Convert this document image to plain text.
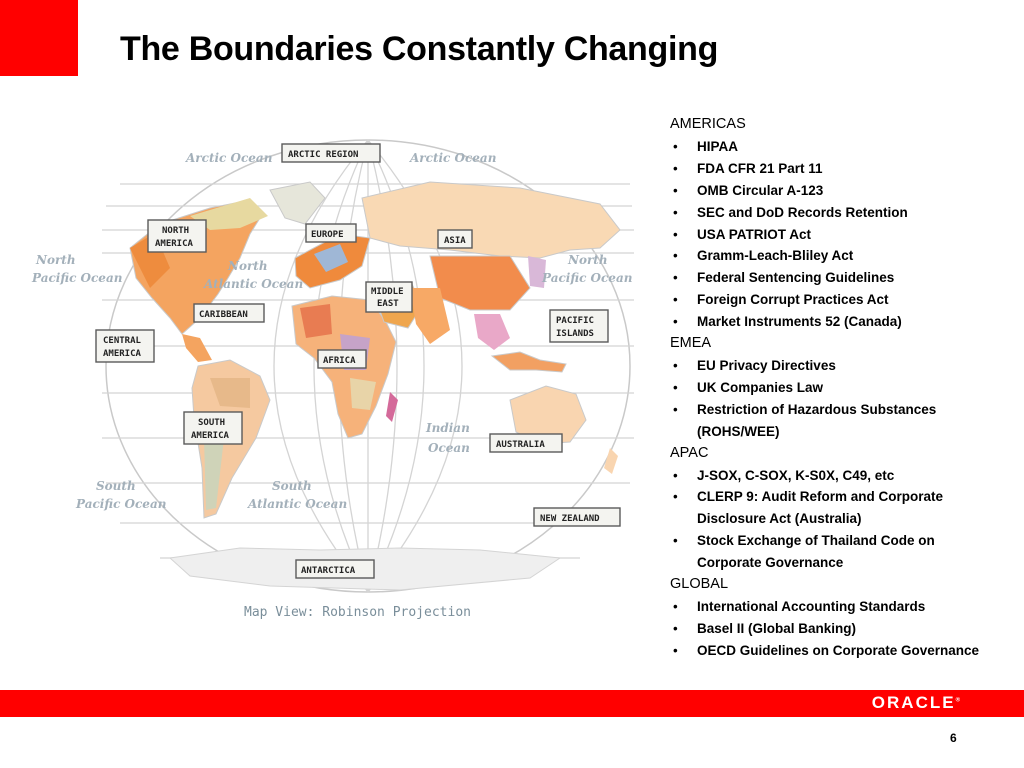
The Boundaries Constantly Changing
Arctic Ocean	Arctic Ocean
North
Pacific Ocean
North
Atlantic Ocean
North
Pacific Ocean
Indian
Ocean
South
Pacific Ocean
South
Atlantic Ocean
ARCTIC REGION
NORTH
AMERICA
EUROPE
ASIA
MIDDLE
EAST
CARIBBEAN
CENTRAL
AMERICA
AFRICA
PACIFIC
ISLANDS
SOUTH
AMERICA
AUSTRALIA
NEW ZEALAND
ANTARCTICA
Map View: Robinson Projection
AMERICAS
• HIPAA
• FDA CFR 21 Part 11
• OMB Circular A-123
• SEC and DoD Records Retention
• USA PATRIOT Act
• Gramm-Leach-Bliley Act
• Federal Sentencing Guidelines
• Foreign Corrupt Practices Act
• Market Instruments 52 (Canada)
EMEA
• EU Privacy Directives
• UK Companies Law
• Restriction of Hazardous Substances (ROHS/WEE)
APAC
• J-SOX, C-SOX, K-S0X, C49, etc
• CLERP 9: Audit Reform and Corporate Disclosure Act (Australia)
• Stock Exchange of Thailand Code on Corporate Governance
GLOBAL
• International Accounting Standards
• Basel II (Global Banking)
• OECD Guidelines on Corporate Governance
ORACLE®
6
